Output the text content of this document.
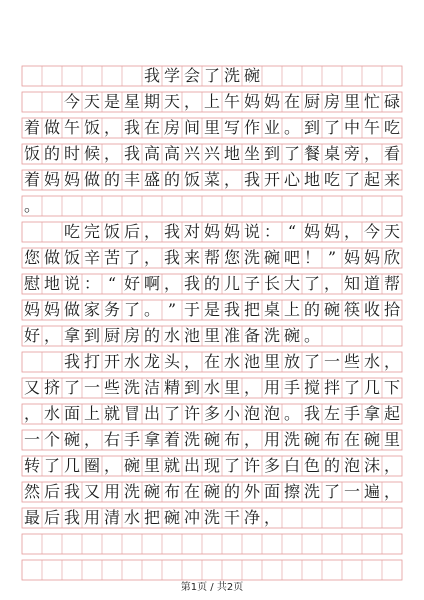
我 学 会 了 洗 碗
今 天 是 星 期 天 ， 上 午 妈 妈 在 厨 房 里 忙 碌
着 做 午 饭 ， 我 在 房 间 里 写 作 业 。 到 了 中 午 吃
饭 的 时 候 ， 我 高 高 兴 兴 地 坐 到 了 餐 桌 旁 ， 看
着 妈 妈 做 的 丰 盛 的 饭 菜 ， 我 开 心 地 吃 了 起 来
。
吃 完 饭 后 ， 我 对 妈 妈 说 ： “ 妈 妈 ， 今 天
您 做 饭 辛 苦 了 ， 我 来 帮 您 洗 碗 吧 ！ ” 妈 妈 欣
慰 地 说 ： “ 好 啊 ， 我 的 儿 子 长 大 了 ， 知 道 帮
妈 妈 做 家 务 了 。 ” 于 是 我 把 桌 上 的 碗 筷 收 拾
好 ， 拿 到 厨 房 的 水 池 里 准 备 洗 碗 。
我 打 开 水 龙 头 ， 在 水 池 里 放 了 一 些 水 ，
又 挤 了 一 些 洗 洁 精 到 水 里 ， 用 手 搅 拌 了 几 下
， 水 面 上 就 冒 出 了 许 多 小 泡 泡 。 我 左 手 拿 起
一 个 碗 ， 右 手 拿 着 洗 碗 布 ， 用 洗 碗 布 在 碗 里
转 了 几 圈 ， 碗 里 就 出 现 了 许 多 白 色 的 泡 沫 ，
然 后 我 又 用 洗 碗 布 在 碗 的 外 面 擦 洗 了 一 遍 ，
最 后 我 用 清 水 把 碗 冲 洗 干 净 ，
第1页 / 共2页
